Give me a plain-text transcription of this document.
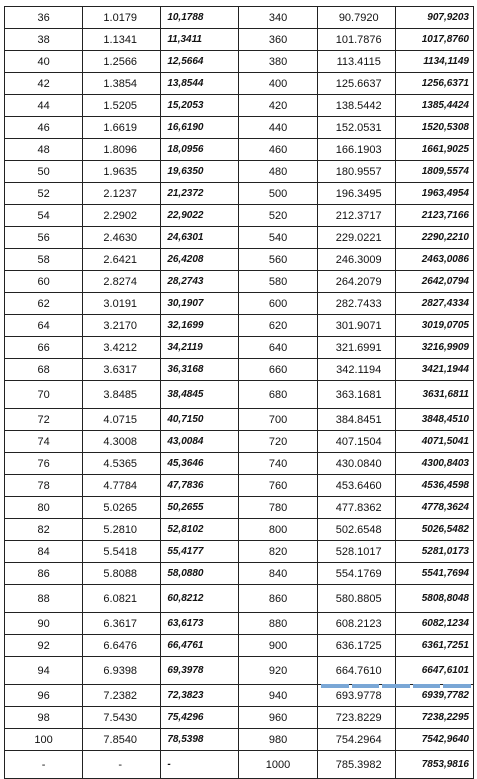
36	1.0179	10,1788	340	90.7920	907,9203
38	1.1341	11,3411	360	101.7876	1017,8760
40	1.2566	12,5664	380	113.4115	1134,1149
42	1.3854	13,8544	400	125.6637	1256,6371
44	1.5205	15,2053	420	138.5442	1385,4424
46	1.6619	16,6190	440	152.0531	1520,5308
48	1.8096	18,0956	460	166.1903	1661,9025
50	1.9635	19,6350	480	180.9557	1809,5574
52	2.1237	21,2372	500	196.3495	1963,4954
54	2.2902	22,9022	520	212.3717	2123,7166
56	2.4630	24,6301	540	229.0221	2290,2210
58	2.6421	26,4208	560	246.3009	2463,0086
60	2.8274	28,2743	580	264.2079	2642,0794
62	3.0191	30,1907	600	282.7433	2827,4334
64	3.2170	32,1699	620	301.9071	3019,0705
66	3.4212	34,2119	640	321.6991	3216,9909
68	3.6317	36,3168	660	342.1194	3421,1944
70	3.8485	38,4845	680	363.1681	3631,6811
72	4.0715	40,7150	700	384.8451	3848,4510
74	4.3008	43,0084	720	407.1504	4071,5041
76	4.5365	45,3646	740	430.0840	4300,8403
78	4.7784	47,7836	760	453.6460	4536,4598
80	5.0265	50,2655	780	477.8362	4778,3624
82	5.2810	52,8102	800	502.6548	5026,5482
84	5.5418	55,4177	820	528.1017	5281,0173
86	5.8088	58,0880	840	554.1769	5541,7694
88	6.0821	60,8212	860	580.8805	5808,8048
90	6.3617	63,6173	880	608.2123	6082,1234
92	6.6476	66,4761	900	636.1725	6361,7251
94	6.9398	69,3978	920	664.7610	6647,6101
96	7.2382	72,3823	940	693.9778	6939,7782
98	7.5430	75,4296	960	723.8229	7238,2295
100	7.8540	78,5398	980	754.2964	7542,9640
-	-	-	1000	785.3982	7853,9816
